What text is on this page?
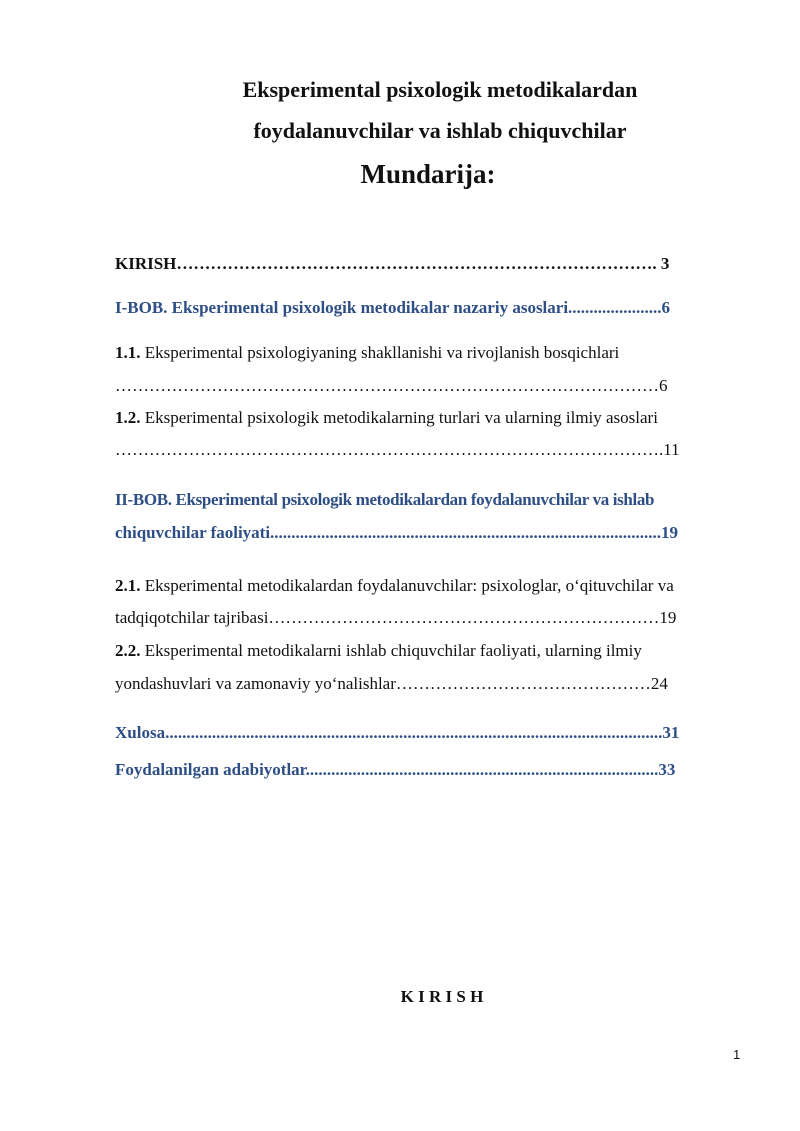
Eksperimental psixologik metodikalardan
foydalanuvchilar va ishlab chiquvchilar
Mundarija:
KIRISH…………………………………………………………………………. 3
I-BOB. Eksperimental psixologik metodikalar nazariy asoslari......................6
1.1. Eksperimental psixologiyaning shakllanishi va rivojlanish bosqichlari
……………………………………………………………………………………6
1.2. Eksperimental psixologik metodikalarning turlari va ularning ilmiy asoslari
…………………………………………………………………………………….11
II-BOB. Eksperimental psixologik metodikalardan foydalanuvchilar va ishlab
chiquvchilar faoliyati............................................................................................19
2.1. Eksperimental metodikalardan foydalanuvchilar: psixologlar, o‘qituvchilar va
tadqiqotchilar tajribasi……………………………………………………………19
2.2. Eksperimental metodikalarni ishlab chiquvchilar faoliyati, ularning ilmiy
yondashuvlari va zamonaviy yo‘nalishlar………………………………………24
Xulosa.....................................................................................................................31
Foydalanilgan adabiyotlar...................................................................................33
K I R I S H
1
